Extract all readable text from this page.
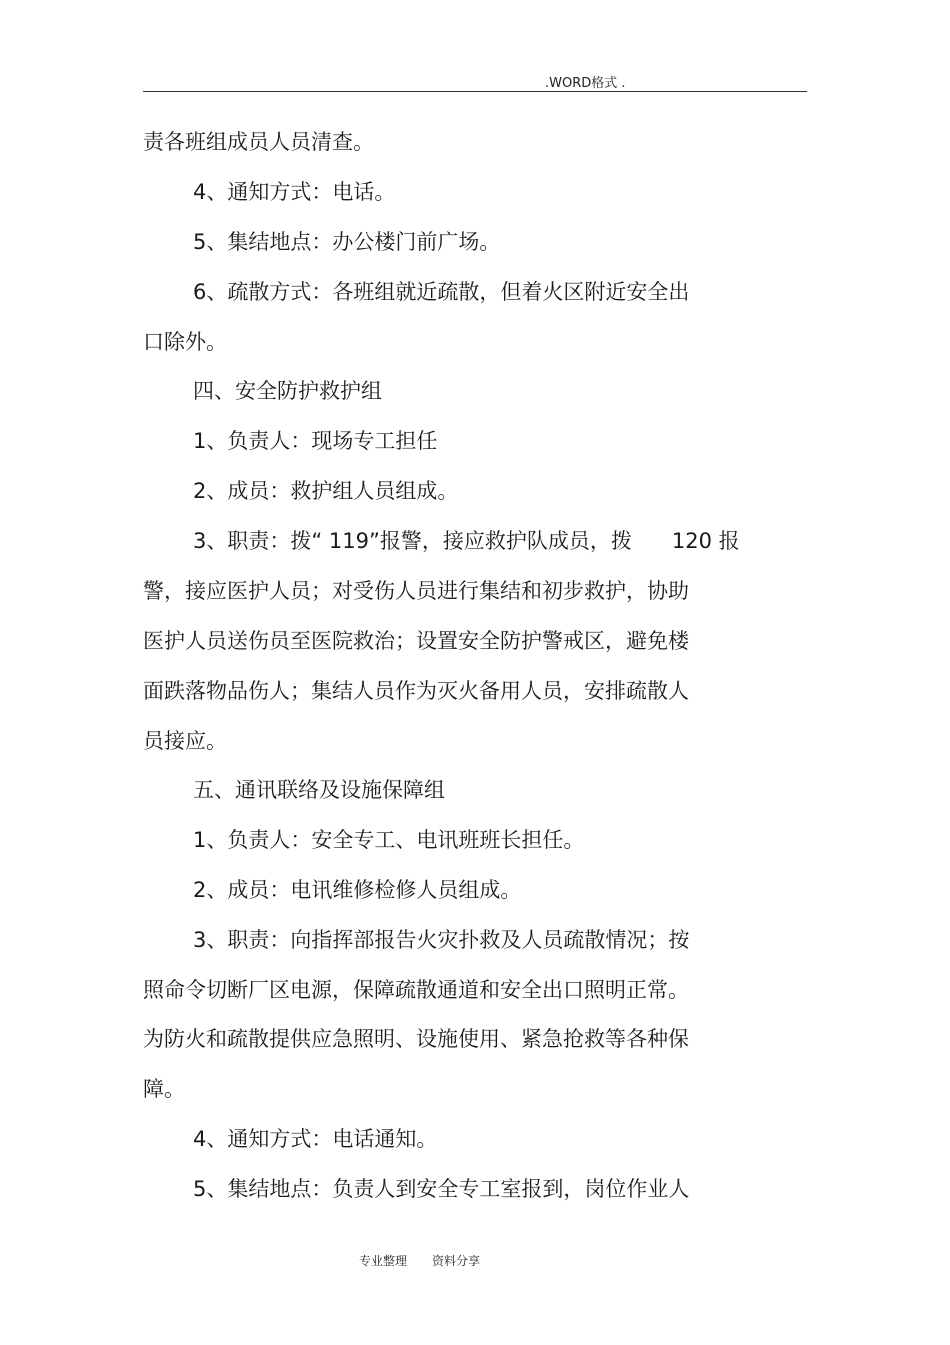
.WORD格式 .
责各班组成员人员清查。
4、通知方式：电话。
5、集结地点：办公楼门前广场。
6、疏散方式：各班组就近疏散，但着火区附近安全出
口除外。
四、安全防护救护组
1、负责人：现场专工担任
2、成员：救护组人员组成。
3、职责：拨“ 119”报警，接应救护队成员，拨      120 报
警，接应医护人员；对受伤人员进行集结和初步救护，协助
医护人员送伤员至医院救治；设置安全防护警戒区，避免楼
面跌落物品伤人；集结人员作为灭火备用人员，安排疏散人
员接应。
五、通讯联络及设施保障组
1、负责人：安全专工、电讯班班长担任。
2、成员：电讯维修检修人员组成。
3、职责：向指挥部报告火灾扑救及人员疏散情况；按
照命令切断厂区电源，保障疏散通道和安全出口照明正常。
为防火和疏散提供应急照明、设施使用、紧急抢救等各种保
障。
4、通知方式：电话通知。
5、集结地点：负责人到安全专工室报到，岗位作业人
专业整理 资料分享
